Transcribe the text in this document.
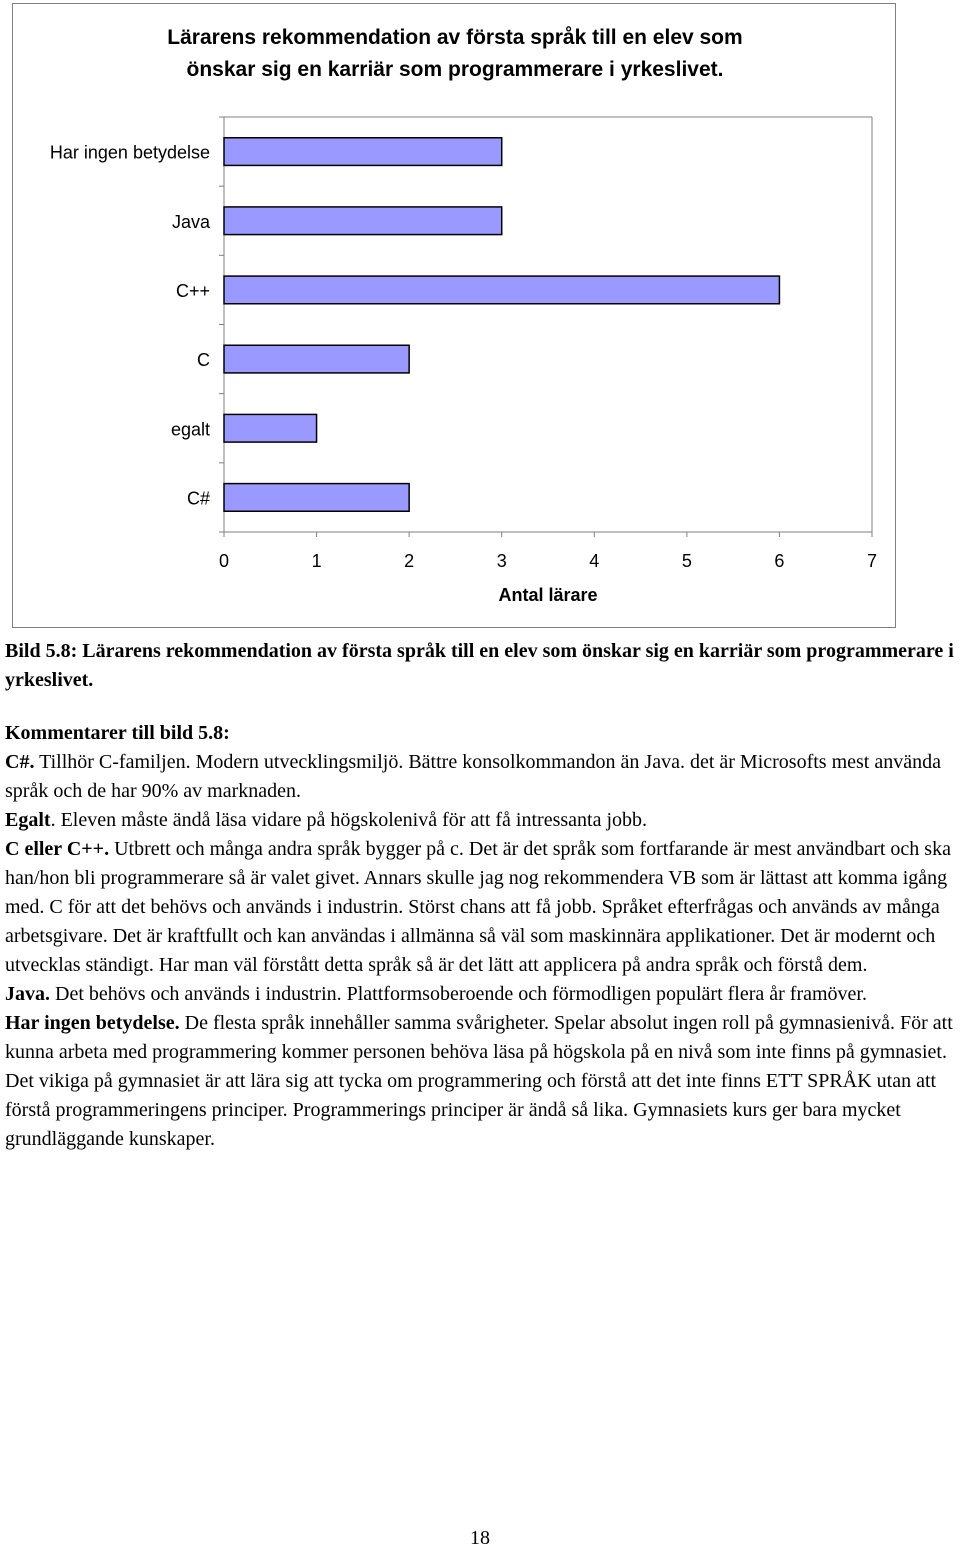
Lärarens rekommendation av första språk till en elev som
önskar sig en karriär som programmerare i yrkeslivet.
Har ingen betydelse
Java
C++
C
egalt
C#
0	1	2	3	4	5	6	7
Antal lärare
Bild 5.8: Lärarens rekommendation av första språk till en elev som önskar sig en karriär som programmerare i yrkeslivet.

Kommentarer till bild 5.8:

C#. Tillhör C-familjen. Modern utvecklingsmiljö. Bättre konsolkommandon än Java. det är Microsofts mest använda språk och de har 90% av marknaden.

Egalt. Eleven måste ändå läsa vidare på högskolenivå för att få intressanta jobb.

C eller C++. Utbrett och många andra språk bygger på c. Det är det språk som fortfarande är mest användbart och ska han/hon bli programmerare så är valet givet. Annars skulle jag nog rekommendera VB som är lättast att komma igång med. C för att det behövs och används i industrin. Störst chans att få jobb. Språket efterfrågas och används av många arbetsgivare. Det är kraftfullt och kan användas i allmänna så väl som maskinnära applikationer. Det är modernt och utvecklas ständigt. Har man väl förstått detta språk så är det lätt att applicera på andra språk och förstå dem.

Java. Det behövs och används i industrin. Plattformsoberoende och förmodligen populärt flera år framöver.

Har ingen betydelse. De flesta språk innehåller samma svårigheter. Spelar absolut ingen roll på gymnasienivå. För att kunna arbeta med programmering kommer personen behöva läsa på högskola på en nivå som inte finns på gymnasiet. Det vikiga på gymnasiet är att lära sig att tycka om programmering och förstå att det inte finns ETT SPRÅK utan att förstå programmeringens principer. Programmerings principer är ändå så lika. Gymnasiets kurs ger bara mycket grundläggande kunskaper.

18
